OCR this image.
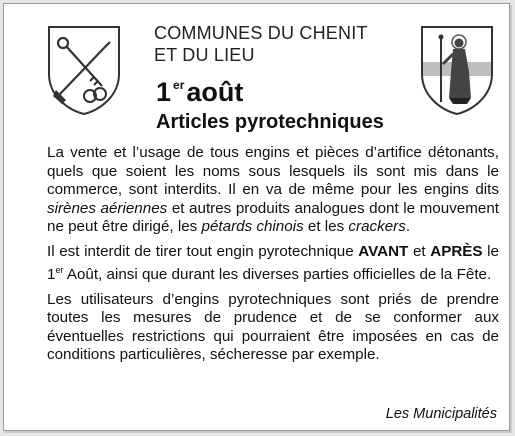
COMMUNES DU CHENIT
ET DU LIEU
1 $^{er}$août
Articles pyrotechniques

La vente et l’usage de tous engins et pièces d’artifice détonants, quels que soient les noms sous lesquels ils sont mis dans le commerce, sont interdits. Il en va de même pour les engins dits sirènes aériennes et autres produits analogues dont le mouvement ne peut être dirigé, les pétards chinois et les crackers.

Il est interdit de tirer tout engin pyrotechnique AVANT et APRÈS le 1er Août, ainsi que durant les diverses parties officielles de la Fête.

Les utilisateurs d’engins pyrotechniques sont priés de prendre toutes les mesures de prudence et de se conformer aux éventuelles restrictions qui pourraient être imposées en cas de conditions particulières, sécheresse par exemple.

Les Municipalités
